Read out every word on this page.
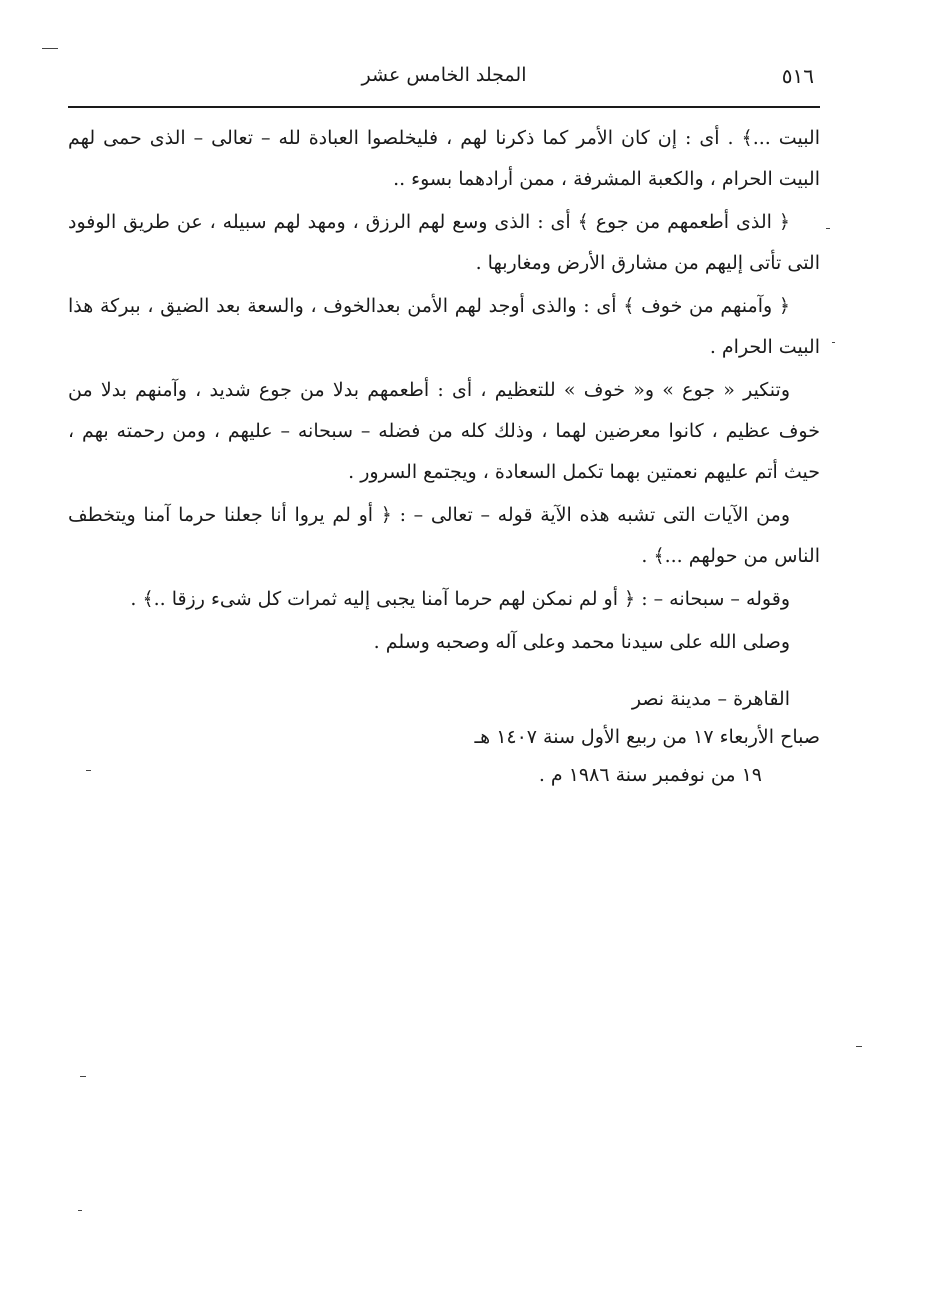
٥١٦
المجلد الخامس عشر

البيت ...﴾ . أى : إن كان الأمر كما ذكرنا لهم ، فليخلصوا العبادة لله – تعالى – الذى حمى لهم البيت الحرام ، والكعبة المشرفة ، ممن أرادهما بسوء ..

﴿ الذى أطعمهم من جوع ﴾ أى : الذى وسع لهم الرزق ، ومهد لهم سبيله ، عن طريق الوفود التى تأتى إليهم من مشارق الأرض ومغاربها .

﴿ وآمنهم من خوف ﴾ أى : والذى أوجد لهم الأمن بعدالخوف ، والسعة بعد الضيق ، ببركة هذا البيت الحرام .

وتنكير « جوع » و« خوف » للتعظيم ، أى : أطعمهم بدلا من جوع شديد ، وآمنهم بدلا من خوف عظيم ، كانوا معرضين لهما ، وذلك كله من فضله – سبحانه – عليهم ، ومن رحمته بهم ، حيث أتم عليهم نعمتين بهما تكمل السعادة ، ويجتمع السرور .

ومن الآيات التى تشبه هذه الآية قوله – تعالى – : ﴿ أو لم يروا أنا جعلنا حرما آمنا ويتخطف الناس من حولهم ...﴾ .

وقوله – سبحانه – : ﴿ أو لم نمكن لهم حرما آمنا يجبى إليه ثمرات كل شىء رزقا ..﴾ .

وصلى الله على سيدنا محمد وعلى آله وصحبه وسلم .

القاهرة – مدينة نصر
صباح الأربعاء ١٧ من ربيع الأول سنة ١٤٠٧ هـ
١٩ من نوفمبر سنة ١٩٨٦ م .
